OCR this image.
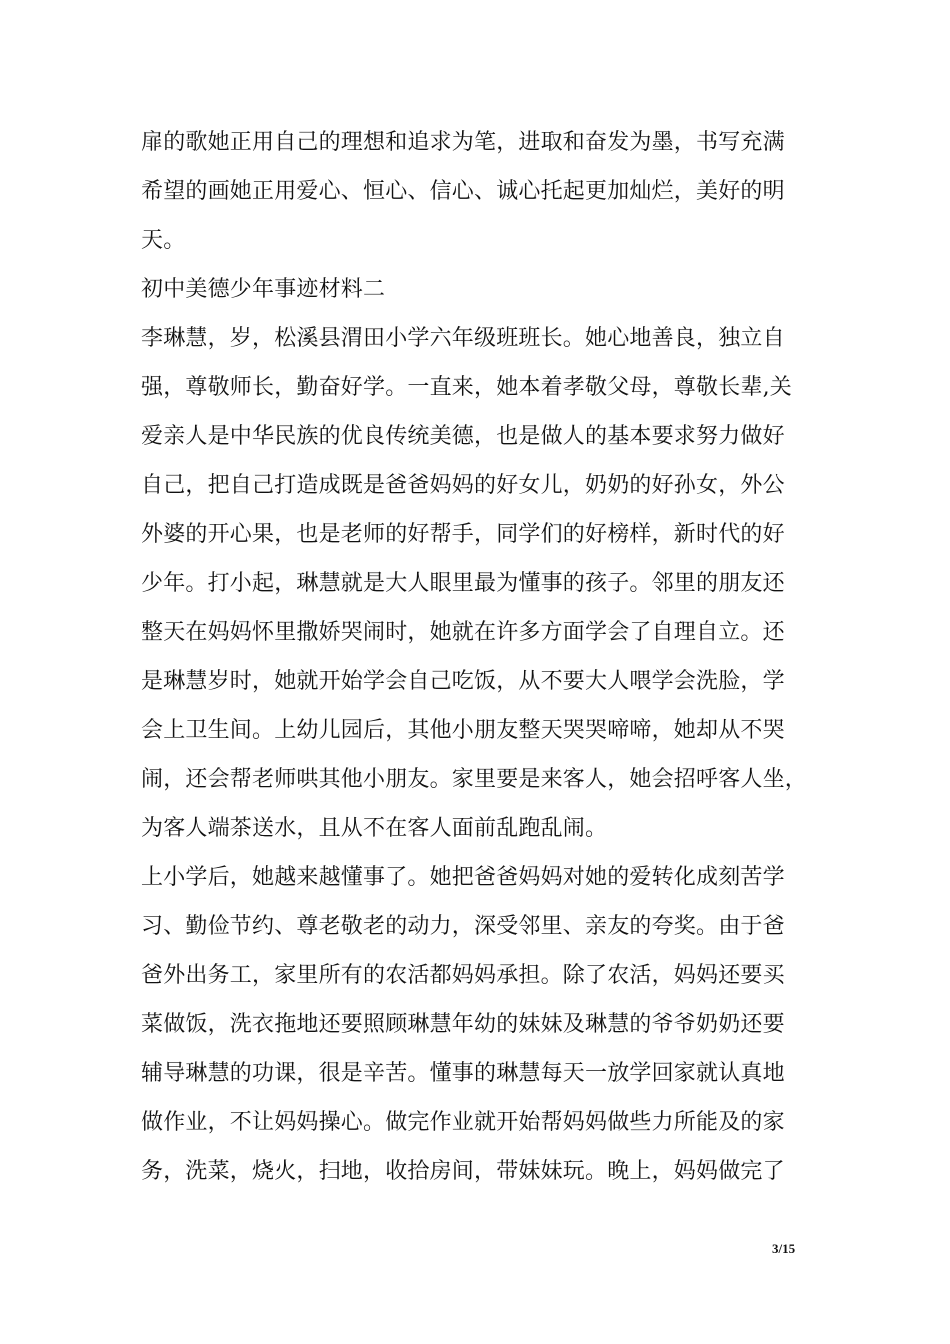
扉的歌她正用自己的理想和追求为笔，进取和奋发为墨，书写充满
希望的画她正用爱心、恒心、信心、诚心托起更加灿烂，美好的明
天。
初中美德少年事迹材料二
李琳慧，岁，松溪县渭田小学六年级班班长。她心地善良，独立自
强，尊敬师长，勤奋好学。一直来，她本着孝敬父母，尊敬长辈,关
爱亲人是中华民族的优良传统美德，也是做人的基本要求努力做好
自己，把自己打造成既是爸爸妈妈的好女儿，奶奶的好孙女，外公
外婆的开心果，也是老师的好帮手，同学们的好榜样，新时代的好
少年。打小起，琳慧就是大人眼里最为懂事的孩子。邻里的朋友还
整天在妈妈怀里撒娇哭闹时，她就在许多方面学会了自理自立。还
是琳慧岁时，她就开始学会自己吃饭，从不要大人喂学会洗脸，学
会上卫生间。上幼儿园后，其他小朋友整天哭哭啼啼，她却从不哭
闹，还会帮老师哄其他小朋友。家里要是来客人，她会招呼客人坐，
为客人端茶送水，且从不在客人面前乱跑乱闹。
上小学后，她越来越懂事了。她把爸爸妈妈对她的爱转化成刻苦学
习、勤俭节约、尊老敬老的动力，深受邻里、亲友的夸奖。由于爸
爸外出务工，家里所有的农活都妈妈承担。除了农活，妈妈还要买
菜做饭，洗衣拖地还要照顾琳慧年幼的妹妹及琳慧的爷爷奶奶还要
辅导琳慧的功课，很是辛苦。懂事的琳慧每天一放学回家就认真地
做作业，不让妈妈操心。做完作业就开始帮妈妈做些力所能及的家
务，洗菜，烧火，扫地，收拾房间，带妹妹玩。晚上，妈妈做完了
3/15
